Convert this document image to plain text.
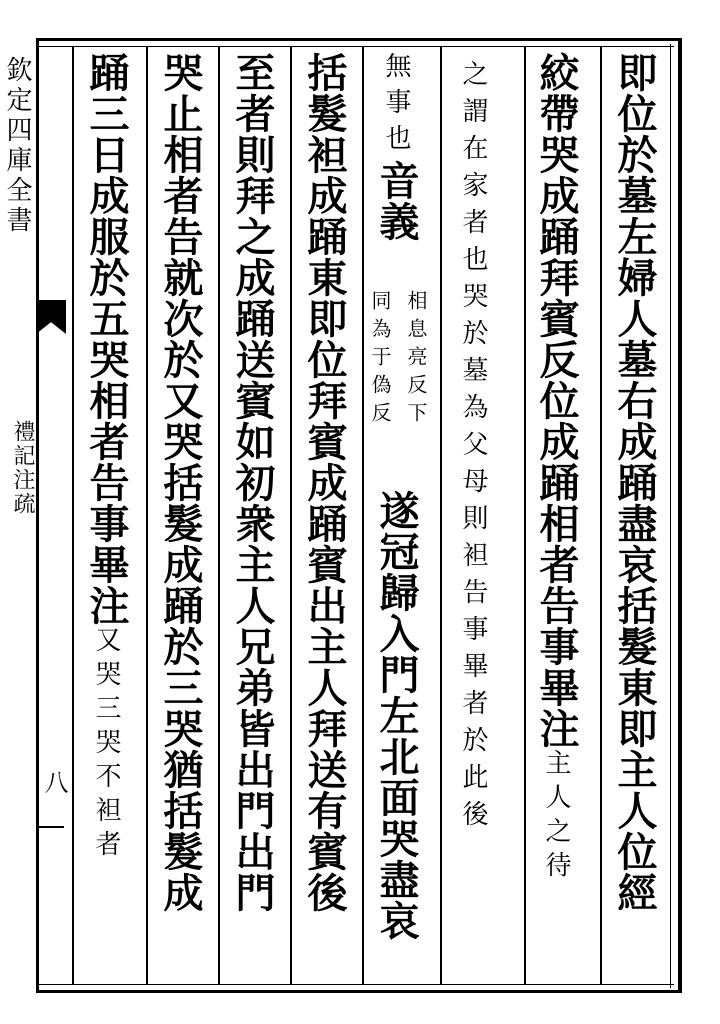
欽定四庫全書
禮記注疏
八	即位於墓左婦人墓右成踊盡哀括髮東即主人位經
絞帶哭成踊拜賓反位成踊相者告事畢注主人之待
之謂在家者也哭於墓為父母則袒告事畢者於此後
無事也音義
同為于偽反 相息亮反下
遂冠歸入門左北面哭盡哀
括髮袒成踊東即位拜賓成踊賓出主人拜送有賓後
至者則拜之成踊送賓如初衆主人兄弟皆出門出門
哭止相者告就次於又哭括髮成踊於三哭猶括髮成
踊三日成服於五哭相者告事畢注又哭三哭不袒者
